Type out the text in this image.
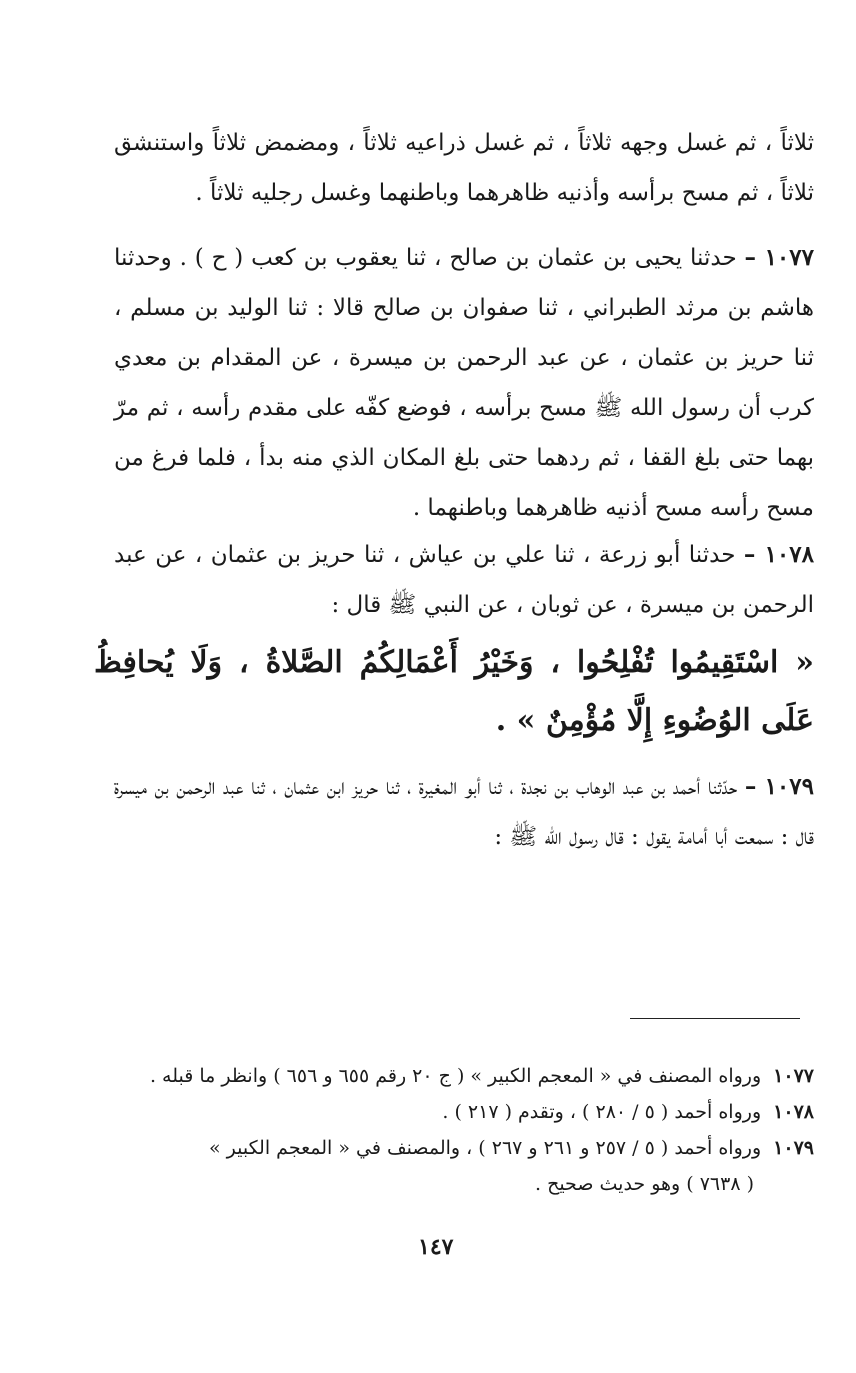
ثلاثاً ، ثم غسل وجهه ثلاثاً ، ثم غسل ذراعيه ثلاثاً ، ومضمض ثلاثاً واستنشق ثلاثاً ، ثم مسح برأسه وأذنيه ظاهرهما وباطنهما وغسل رجليه ثلاثاً .
١٠٧٧ – حدثنا يحيى بن عثمان بن صالح ، ثنا يعقوب بن كعب ( ح ) . وحدثنا هاشم بن مرثد الطبراني ، ثنا صفوان بن صالح قالا : ثنا الوليد بن مسلم ، ثنا حريز بن عثمان ، عن عبد الرحمن بن ميسرة ، عن المقدام بن معدي كرب أن رسول الله ﷺ مسح برأسه ، فوضع كفّه على مقدم رأسه ، ثم مرّ بهما حتى بلغ القفا ، ثم ردهما حتى بلغ المكان الذي منه بدأ ، فلما فرغ من مسح رأسه مسح أذنيه ظاهرهما وباطنهما .
١٠٧٨ – حدثنا أبو زرعة ، ثنا علي بن عياش ، ثنا حريز بن عثمان ، عن عبد الرحمن بن ميسرة ، عن ثوبان ، عن النبي ﷺ قال :
« اسْتَقِيمُوا تُفْلِحُوا ، وَخَيْرُ أَعْمَالِكُمُ الصَّلاةُ ، وَلَا يُحافِظُ عَلَى الوُضُوءِ إِلَّا مُؤْمِنٌ » .
١٠٧٩ – حدّثنا أحمد بن عبد الوهاب بن نجدة ، ثنا أبو المغيرة ، ثنا حريز ابن عثمان ، ثنا عبد الرحمن بن ميسرة قال : سمعت أبا أمامة يقول : قال رسول الله ﷺ :
١٠٧٧ ورواه المصنف في « المعجم الكبير » ( ج ٢٠ رقم ٦٥٥ و ٦٥٦ ) وانظر ما قبله .
١٠٧٨ ورواه أحمد ( ٥ / ٢٨٠ ) ، وتقدم ( ٢١٧ ) .
١٠٧٩ ورواه أحمد ( ٥ / ٢٥٧ و ٢٦١ و ٢٦٧ ) ، والمصنف في « المعجم الكبير »
( ٧٦٣٨ ) وهو حديث صحيح .
١٤٧
